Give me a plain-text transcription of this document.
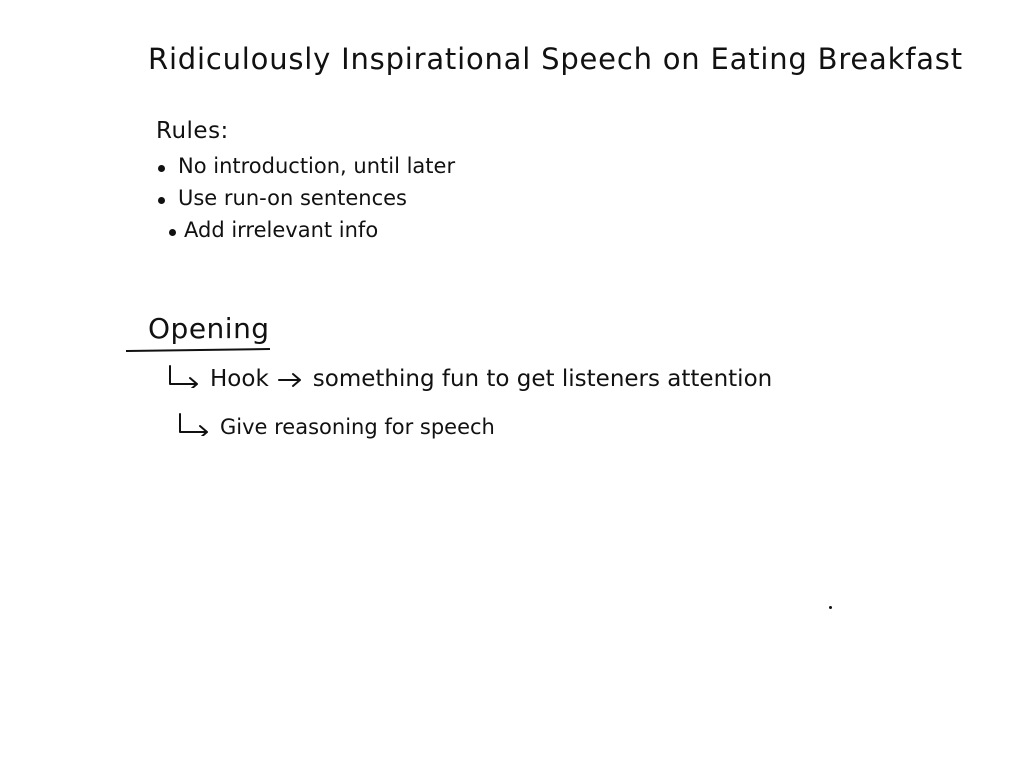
Ridiculously Inspirational Speech on Eating Breakfast
Rules:
No introduction, until later
Use run-on sentences
Add irrelevant info
Opening
Hook something fun to get listeners attention
Give reasoning for speech
